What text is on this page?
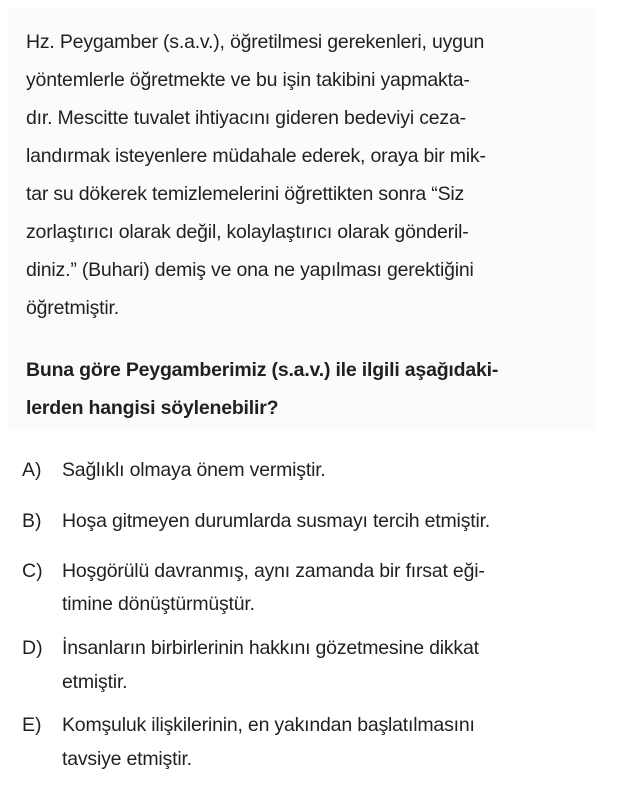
Hz. Peygamber (s.a.v.), öğretilmesi gerekenleri, uygun
yöntemlerle öğretmekte ve bu işin takibini yapmakta-
dır. Mescitte tuvalet ihtiyacını gideren bedeviyi ceza-
landırmak isteyenlere müdahale ederek, oraya bir mik-
tar su dökerek temizlemelerini öğrettikten sonra “Siz
zorlaştırıcı olarak değil, kolaylaştırıcı olarak gönderil-
diniz.” (Buhari) demiş ve ona ne yapılması gerektiğini
öğretmiştir.
Buna göre Peygamberimiz (s.a.v.) ile ilgili aşağıdaki-
lerden hangisi söylenebilir?
A) Sağlıklı olmaya önem vermiştir.
B) Hoşa gitmeyen durumlarda susmayı tercih etmiştir.
C) Hoşgörülü davranmış, aynı zamanda bir fırsat eği-
timine dönüştürmüştür.
D) İnsanların birbirlerinin hakkını gözetmesine dikkat
etmiştir.
E) Komşuluk ilişkilerinin, en yakından başlatılmasını
tavsiye etmiştir.
